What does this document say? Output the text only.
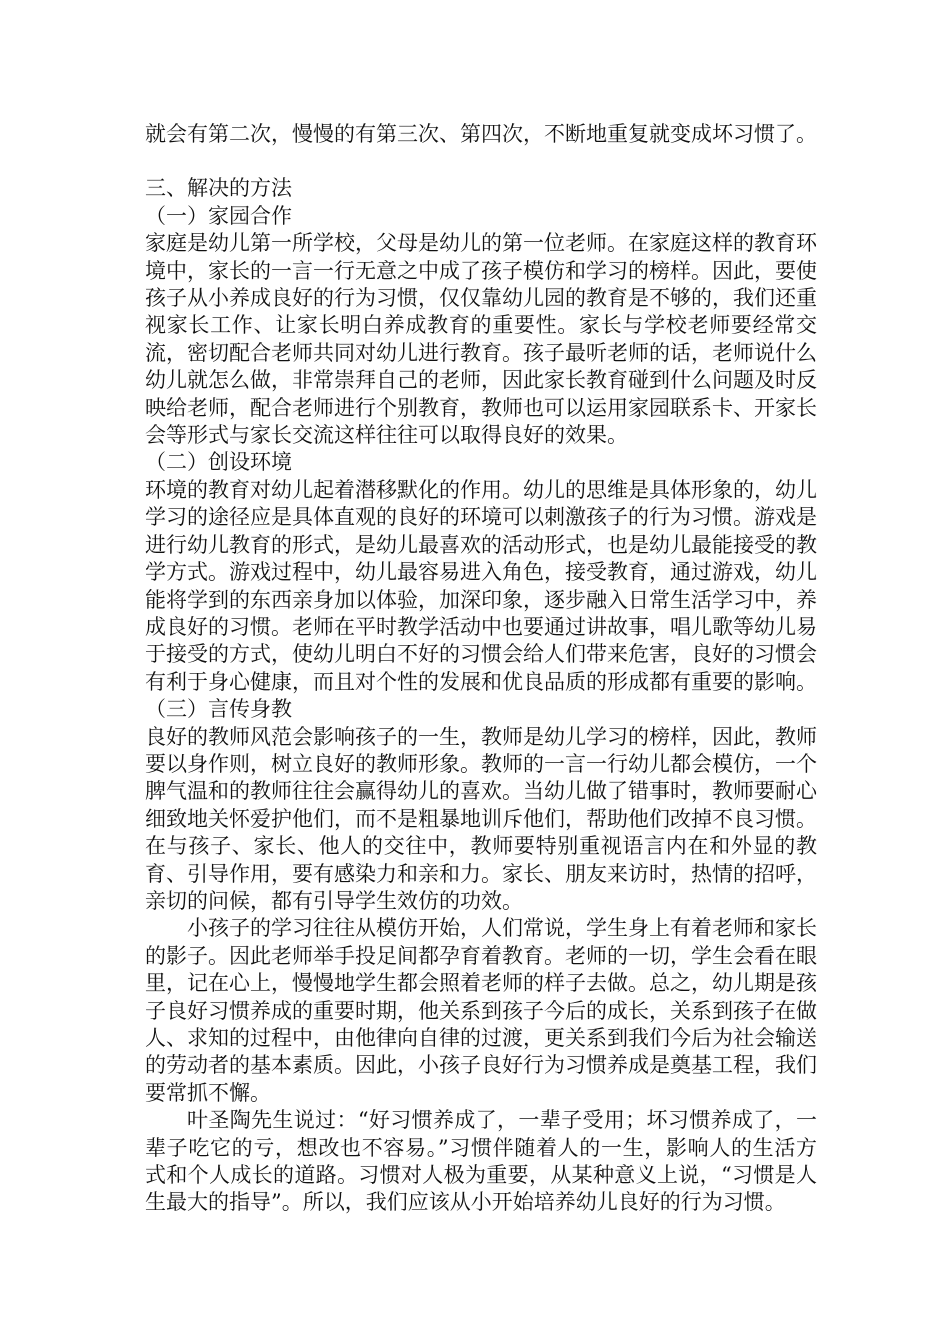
就会有第二次，慢慢的有第三次、第四次，不断地重复就变成坏习惯了。

三、解决的方法

（一）家园合作

家庭是幼儿第一所学校，父母是幼儿的第一位老师。在家庭这样的教育环境中，家长的一言一行无意之中成了孩子模仿和学习的榜样。因此，要使孩子从小养成良好的行为习惯，仅仅靠幼儿园的教育是不够的，我们还重视家长工作、让家长明白养成教育的重要性。家长与学校老师要经常交流，密切配合老师共同对幼儿进行教育。孩子最听老师的话，老师说什么幼儿就怎么做，非常崇拜自己的老师，因此家长教育碰到什么问题及时反映给老师，配合老师进行个别教育，教师也可以运用家园联系卡、开家长会等形式与家长交流这样往往可以取得良好的效果。

（二）创设环境

环境的教育对幼儿起着潜移默化的作用。幼儿的思维是具体形象的，幼儿学习的途径应是具体直观的良好的环境可以刺激孩子的行为习惯。游戏是进行幼儿教育的形式，是幼儿最喜欢的活动形式，也是幼儿最能接受的教学方式。游戏过程中，幼儿最容易进入角色，接受教育，通过游戏，幼儿能将学到的东西亲身加以体验，加深印象，逐步融入日常生活学习中，养成良好的习惯。老师在平时教学活动中也要通过讲故事，唱儿歌等幼儿易于接受的方式，使幼儿明白不好的习惯会给人们带来危害，良好的习惯会有利于身心健康，而且对个性的发展和优良品质的形成都有重要的影响。

（三）言传身教

良好的教师风范会影响孩子的一生，教师是幼儿学习的榜样，因此，教师要以身作则，树立良好的教师形象。教师的一言一行幼儿都会模仿，一个脾气温和的教师往往会赢得幼儿的喜欢。当幼儿做了错事时，教师要耐心细致地关怀爱护他们，而不是粗暴地训斥他们，帮助他们改掉不良习惯。在与孩子、家长、他人的交往中，教师要特别重视语言内在和外显的教育、引导作用，要有感染力和亲和力。家长、朋友来访时，热情的招呼，亲切的问候，都有引导学生效仿的功效。

小孩子的学习往往从模仿开始，人们常说，学生身上有着老师和家长的影子。因此老师举手投足间都孕育着教育。老师的一切，学生会看在眼里，记在心上，慢慢地学生都会照着老师的样子去做。总之，幼儿期是孩子良好习惯养成的重要时期，他关系到孩子今后的成长，关系到孩子在做人、求知的过程中，由他律向自律的过渡，更关系到我们今后为社会输送的劳动者的基本素质。因此，小孩子良好行为习惯养成是奠基工程，我们要常抓不懈。

叶圣陶先生说过：“好习惯养成了，一辈子受用；坏习惯养成了，一辈子吃它的亏，想改也不容易。”习惯伴随着人的一生，影响人的生活方式和个人成长的道路。习惯对人极为重要，从某种意义上说，“习惯是人生最大的指导”。所以，我们应该从小开始培养幼儿良好的行为习惯。
